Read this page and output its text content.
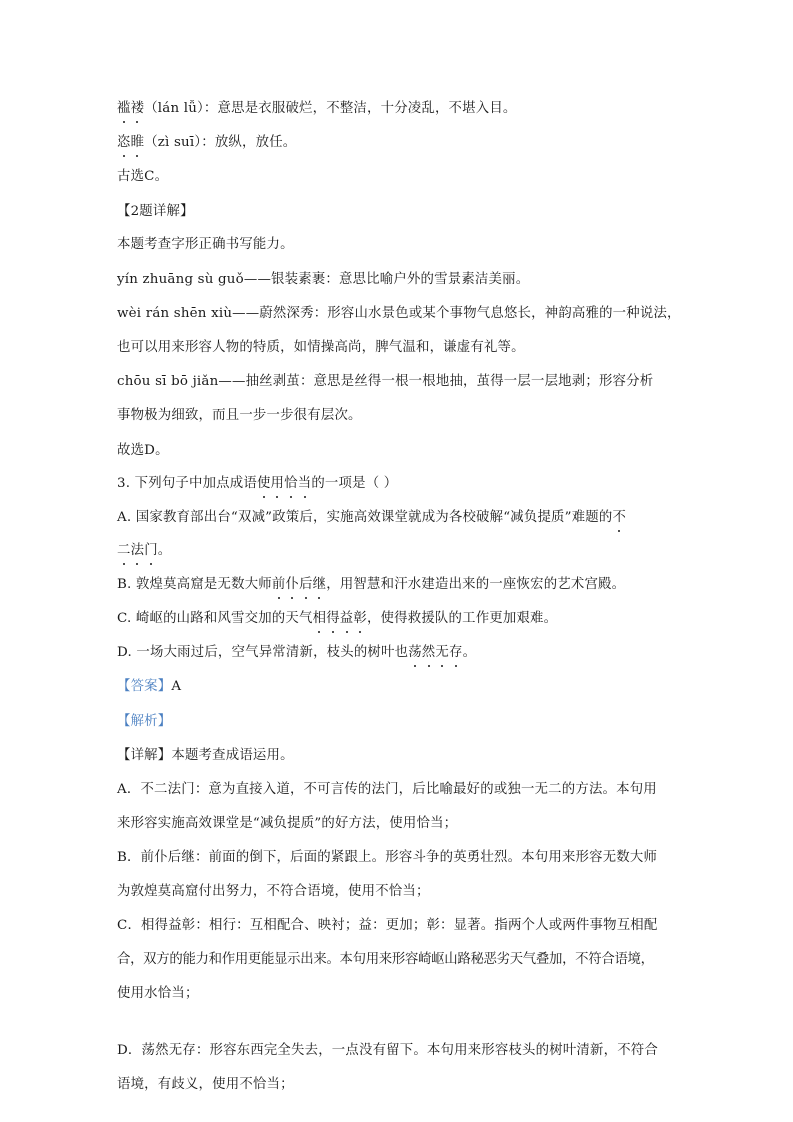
褴褛（lán lǚ）：意思是衣服破烂，不整洁，十分凌乱，不堪入目。
恣睢（zì suī）：放纵，放任。
古选C。
【2题详解】
本题考查字形正确书写能力。
yín zhuāng sù guǒ——银装素裹：意思比喻户外的雪景素洁美丽。
wèi rán shēn xiù——蔚然深秀：形容山水景色或某个事物气息悠长，神韵高雅的一种说法，
也可以用来形容人物的特质，如情操高尚，脾气温和，谦虚有礼等。
chōu sī bō jiǎn——抽丝剥茧：意思是丝得一根一根地抽，茧得一层一层地剥；形容分析
事物极为细致，而且一步一步很有层次。
故选D。
3. 下列句子中加点成语使用恰当的一项是（ ）
A. 国家教育部出台“双减”政策后，实施高效课堂就成为各校破解“减负提质”难题的不
二法门。
B. 敦煌莫高窟是无数大师前仆后继，用智慧和汗水建造出来的一座恢宏的艺术宫殿。
C. 崎岖的山路和风雪交加的天气相得益彰，使得救援队的工作更加艰难。
D. 一场大雨过后，空气异常清新，枝头的树叶也荡然无存。
【答案】A
【解析】
【详解】本题考查成语运用。
A．不二法门：意为直接入道，不可言传的法门，后比喻最好的或独一无二的方法。本句用
来形容实施高效课堂是“减负提质”的好方法，使用恰当；
B．前仆后继：前面的倒下，后面的紧跟上。形容斗争的英勇壮烈。本句用来形容无数大师
为敦煌莫高窟付出努力，不符合语境，使用不恰当；
C．相得益彰：相行：互相配合、映衬；益：更加；彰：显著。指两个人或两件事物互相配
合，双方的能力和作用更能显示出来。本句用来形容崎岖山路秘恶劣天气叠加，不符合语境，
使用水恰当；
D．荡然无存：形容东西完全失去，一点没有留下。本句用来形容枝头的树叶清新，不符合
语境，有歧义，使用不恰当；
